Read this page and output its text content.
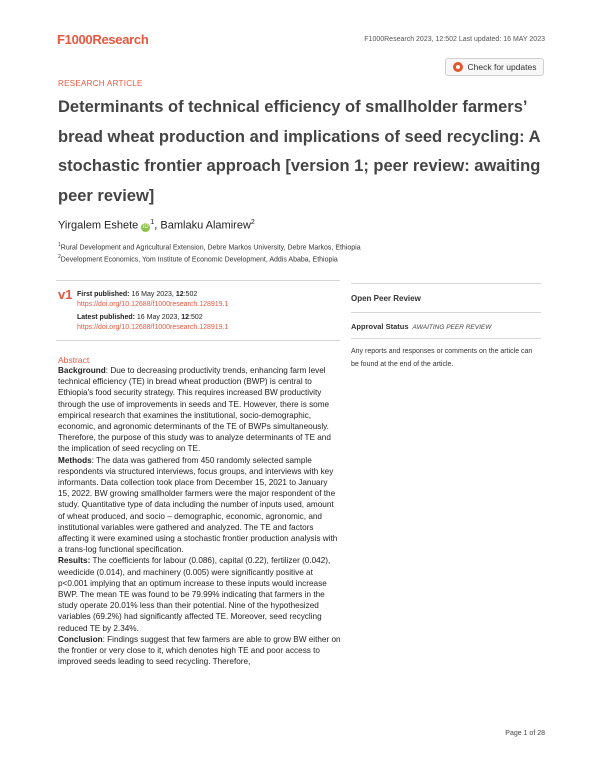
F1000Research	F1000Research 2023, 12:502 Last updated: 16 MAY 2023
Check for updates
RESEARCH ARTICLE
Determinants of technical efficiency of smallholder farmers’ bread wheat production and implications of seed recycling: A stochastic frontier approach [version 1; peer review: awaiting peer review]
Yirgalem Eshete $iD^1$, Bamlaku Alamirew$^2$
$^1$Rural Development and Agricultural Extension, Debre Markos University, Debre Markos, Ethiopia
$^2$Development Economics, Yom Institute of Economic Development, Addis Ababa, Ethiopia
v1 First published: 16 May 2023, 12:502
https://doi.org/10.12688/f1000research.128919.1
Latest published: 16 May 2023, 12:502
https://doi.org/10.12688/f1000research.128919.1
Open Peer Review
Approval Status AWAITING PEER REVIEW
Any reports and responses or comments on the article can be found at the end of the article.
Abstract

Background: Due to decreasing productivity trends, enhancing farm level technical efficiency (TE) in bread wheat production (BWP) is central to Ethiopia's food security strategy. This requires increased BW productivity through the use of improvements in seeds and TE. However, there is some empirical research that examines the institutional, socio-demographic, economic, and agronomic determinants of the TE of BWPs simultaneously. Therefore, the purpose of this study was to analyze determinants of TE and the implication of seed recycling on TE.

Methods: The data was gathered from 450 randomly selected sample respondents via structured interviews, focus groups, and interviews with key informants. Data collection took place from December 15, 2021 to January 15, 2022. BW growing smallholder farmers were the major respondent of the study. Quantitative type of data including the number of inputs used, amount of wheat produced, and socio – demographic, economic, agronomic, and institutional variables were gathered and analyzed. The TE and factors affecting it were examined using a stochastic frontier production analysis with a trans-log functional specification.

Results: The coefficients for labour (0.086), capital (0.22), fertilizer (0.042), weedicide (0.014), and machinery (0.005) were significantly positive at p<0.001 implying that an optimum increase to these inputs would increase BWP. The mean TE was found to be 79.99% indicating that farmers in the study operate 20.01% less than their potential. Nine of the hypothesized variables (69.2%) had significantly affected TE. Moreover, seed recycling reduced TE by 2.34%.

Conclusion: Findings suggest that few farmers are able to grow BW either on the frontier or very close to it, which denotes high TE and poor access to improved seeds leading to seed recycling. Therefore,

Page 1 of 28
